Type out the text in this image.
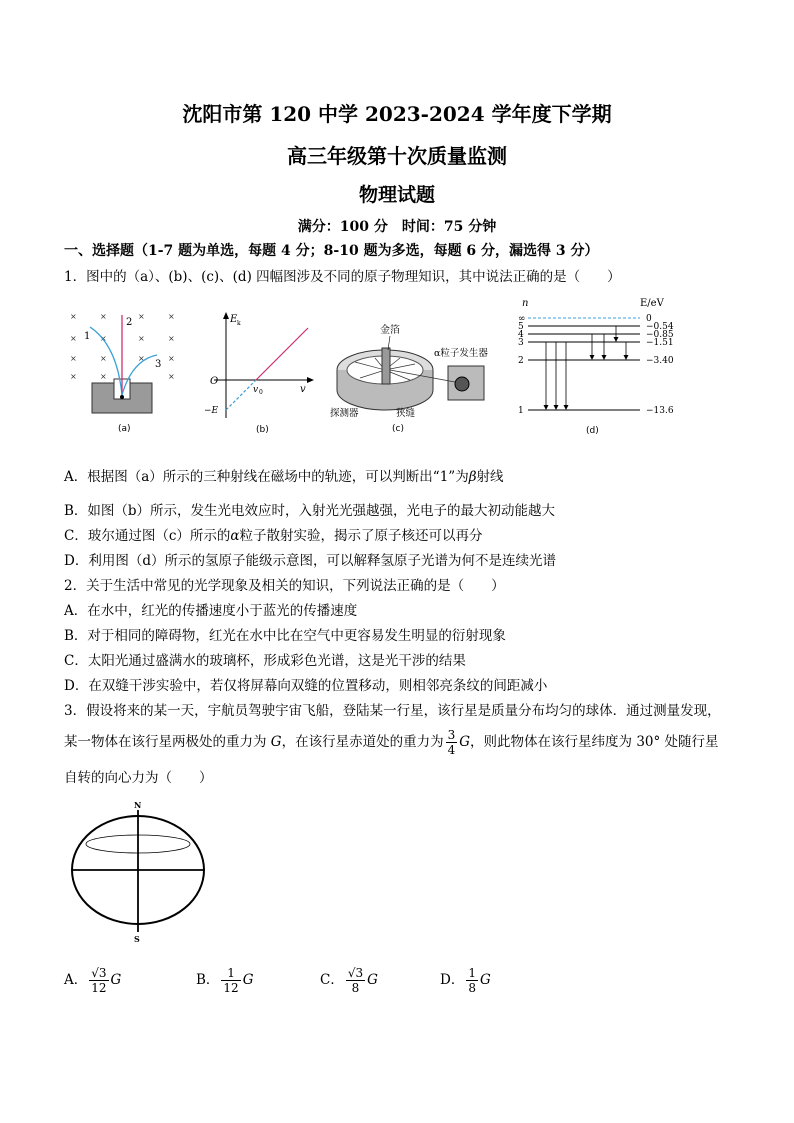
沈阳市第 120 中学 2023-2024 学年度下学期
高三年级第十次质量监测
物理试题
满分：100 分　时间：75 分钟
一、选择题（1-7 题为单选，每题 4 分；8-10 题为多选，每题 6 分，漏选得 3 分）
1．图中的（a）、(b)、(c)、(d) 四幅图涉及不同的原子物理知识，其中说法正确的是（　　）
×	×	×	×
×	×	×	×
×	×	×	×
×	×	×
1
2
3
(a)
E k
O
v 0	v
−E
(b)
金箔
α粒子发生器
探测器	狭缝
(c)
n	E/eV
∞	0
5	−0.54
4	−0.85
3	−1.51
2	−3.40
1	−13.6
(d)
A．根据图（a）所示的三种射线在磁场中的轨迹，可以判断出“1”为β射线
B．如图（b）所示，发生光电效应时，入射光光强越强，光电子的最大初动能越大
C．玻尔通过图（c）所示的α粒子散射实验，揭示了原子核还可以再分
D．利用图（d）所示的氢原子能级示意图，可以解释氢原子光谱为何不是连续光谱
2．关于生活中常见的光学现象及相关的知识，下列说法正确的是（　　）
A．在水中，红光的传播速度小于蓝光的传播速度
B．对于相同的障碍物，红光在水中比在空气中更容易发生明显的衍射现象
C．太阳光通过盛满水的玻璃杯，形成彩色光谱，这是光干涉的结果
D．在双缝干涉实验中，若仅将屏幕向双缝的位置移动，则相邻亮条纹的间距减小
3．假设将来的某一天，宇航员驾驶宇宙飞船，登陆某一行星，该行星是质量分布均匀的球体．通过测量发现，
某一物体在该行星两极处的重力为 G，在该行星赤道处的重力为 $\frac{3}{4}$ G，则此物体在该行星纬度为 30° 处随行星
自转的向心力为（　　）
N
S
A． $\frac{√3}{12}$ G	B． $\frac{1}{12}$ G	C． $\frac{√3}{8}$ G	D． $\frac{1}{8}$ G
